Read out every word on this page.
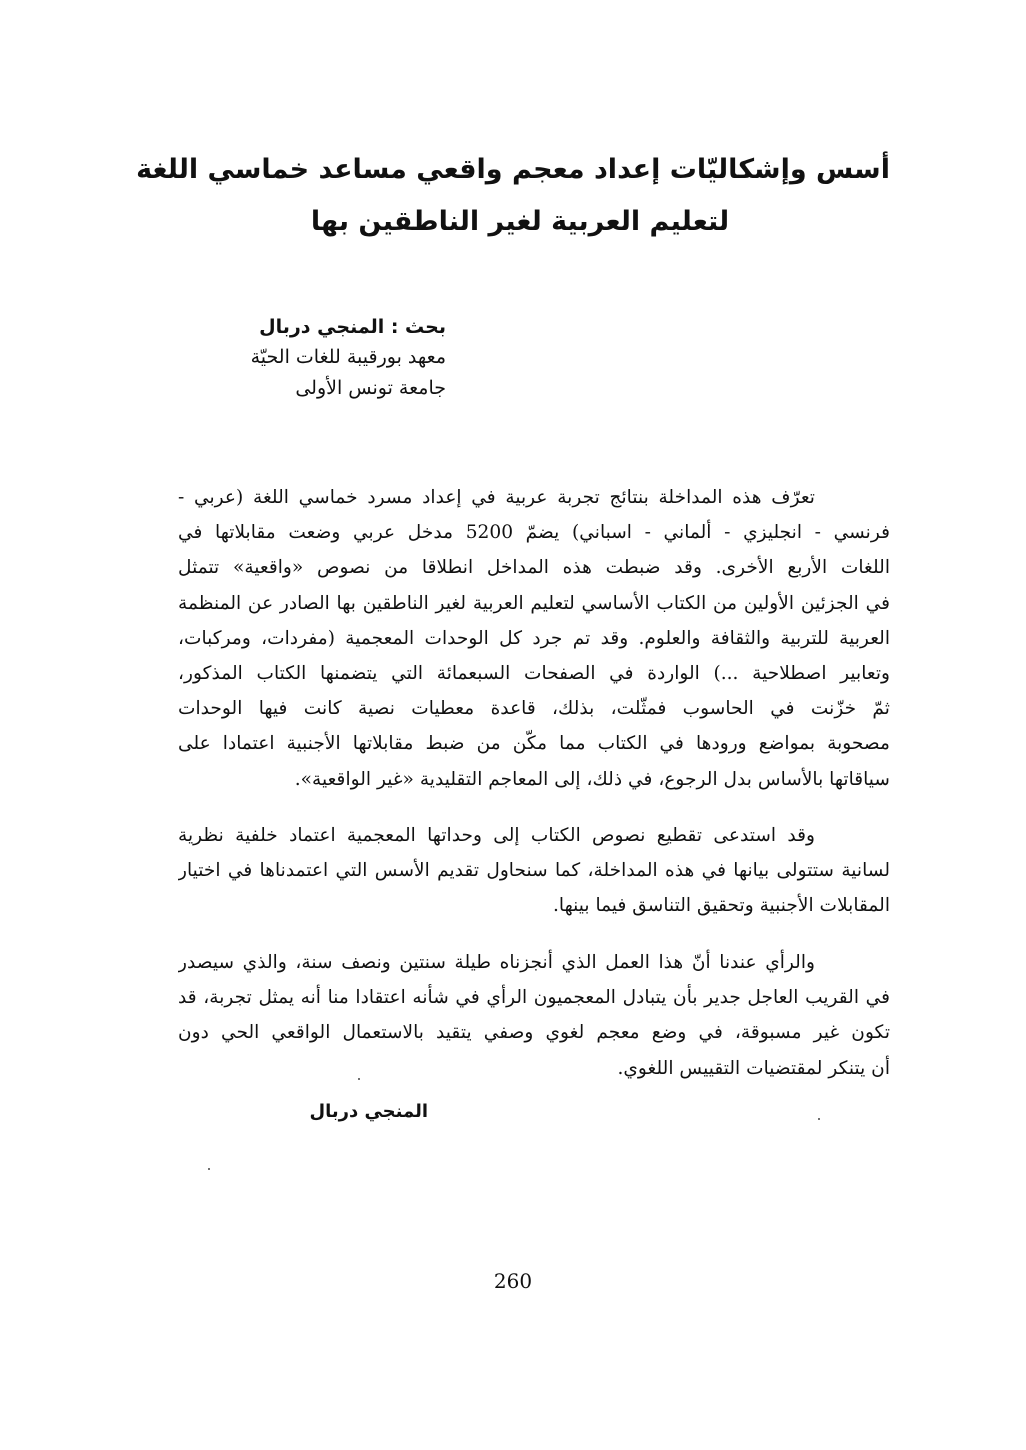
أسس وإشكاليّات إعداد معجم واقعي مساعد خماسي اللغة
لتعليم العربية لغير الناطقين بها
بحث : المنجي دربال
معهد بورقيبة للغات الحيّة
جامعة تونس الأولى
تعرّف هذه المداخلة بنتائج تجربة عربية في إعداد مسرد خماسي اللغة (عربي -
فرنسي - انجليزي - ألماني - اسباني) يضمّ 5200 مدخل عربي وضعت مقابلاتها في
اللغات الأربع الأخرى. وقد ضبطت هذه المداخل انطلاقا من نصوص «واقعية» تتمثل
في الجزئين الأولين من الكتاب الأساسي لتعليم العربية لغير الناطقين بها الصادر عن المنظمة
العربية للتربية والثقافة والعلوم. وقد تم جرد كل الوحدات المعجمية (مفردات، ومركبات،
وتعابير اصطلاحية ...) الواردة في الصفحات السبعمائة التي يتضمنها الكتاب المذكور،
ثمّ خزّنت في الحاسوب فمثّلت، بذلك، قاعدة معطيات نصية كانت فيها الوحدات
مصحوبة بمواضع ورودها في الكتاب مما مكّن من ضبط مقابلاتها الأجنبية اعتمادا على
سياقاتها بالأساس بدل الرجوع، في ذلك، إلى المعاجم التقليدية «غير الواقعية».
وقد استدعى تقطيع نصوص الكتاب إلى وحداتها المعجمية اعتماد خلفية نظرية
لسانية ستتولى بيانها في هذه المداخلة، كما سنحاول تقديم الأسس التي اعتمدناها في اختيار
المقابلات الأجنبية وتحقيق التناسق فيما بينها.
والرأي عندنا أنّ هذا العمل الذي أنجزناه طيلة سنتين ونصف سنة، والذي سيصدر
في القريب العاجل جدير بأن يتبادل المعجميون الرأي في شأنه اعتقادا منا أنه يمثل تجربة، قد
تكون غير مسبوقة، في وضع معجم لغوي وصفي يتقيد بالاستعمال الواقعي الحي دون
أن يتنكر لمقتضيات التقييس اللغوي.
المنجي دربال
260
